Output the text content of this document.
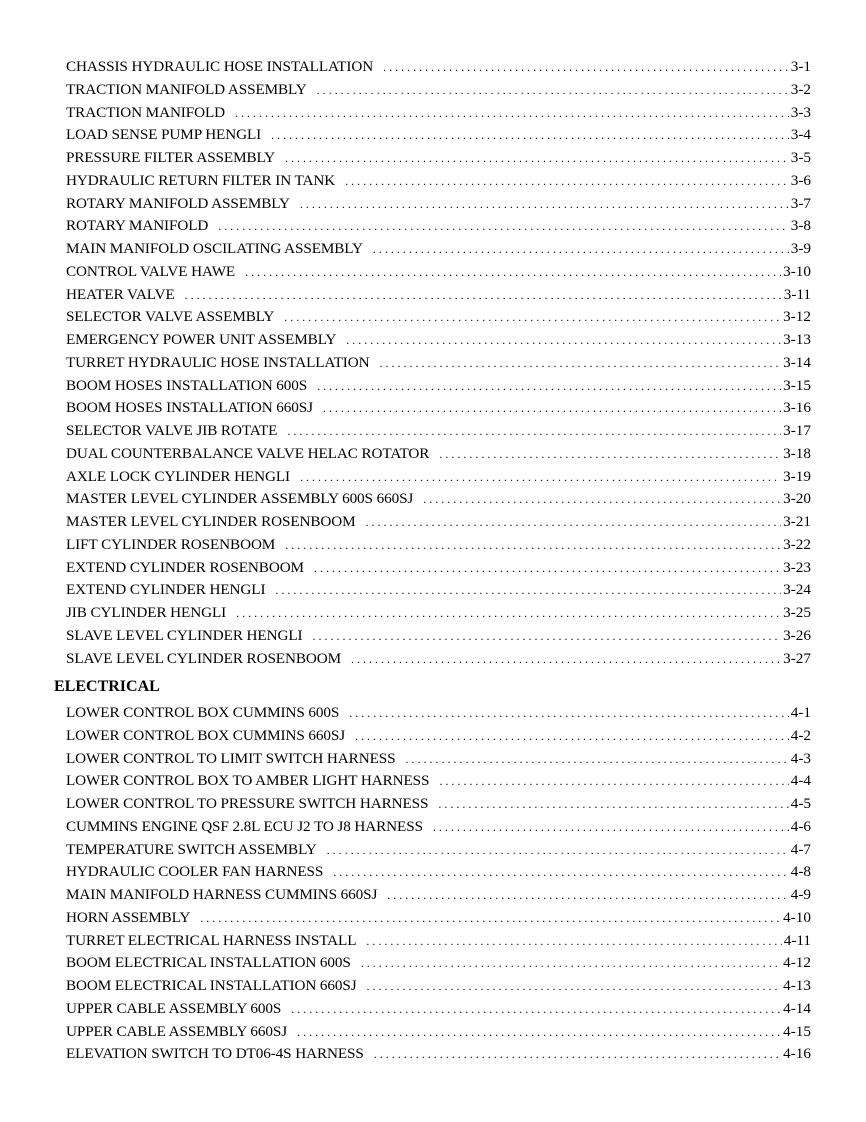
CHASSIS HYDRAULIC HOSE INSTALLATION . . .	3-1
TRACTION MANIFOLD ASSEMBLY . . .	3-2
TRACTION MANIFOLD . . .	3-3
LOAD SENSE PUMP HENGLI . . .	3-4
PRESSURE FILTER ASSEMBLY . . .	3-5
HYDRAULIC RETURN FILTER IN TANK . . .	3-6
ROTARY MANIFOLD ASSEMBLY . . .	3-7
ROTARY MANIFOLD . . .	3-8
MAIN MANIFOLD OSCILATING ASSEMBLY . . .	3-9
CONTROL VALVE HAWE . . .	3-10
HEATER VALVE . . .	3-11
SELECTOR VALVE ASSEMBLY . . .	3-12
EMERGENCY POWER UNIT ASSEMBLY . . .	3-13
TURRET HYDRAULIC HOSE INSTALLATION . . .	3-14
BOOM HOSES INSTALLATION 600S . . .	3-15
BOOM HOSES INSTALLATION 660SJ . . .	3-16
SELECTOR VALVE JIB ROTATE . . .	3-17
DUAL COUNTERBALANCE VALVE HELAC ROTATOR . . .	3-18
AXLE LOCK CYLINDER HENGLI . . .	3-19
MASTER LEVEL CYLINDER ASSEMBLY 600S 660SJ . . .	3-20
MASTER LEVEL CYLINDER ROSENBOOM . . .	3-21
LIFT CYLINDER ROSENBOOM . . .	3-22
EXTEND CYLINDER ROSENBOOM . . .	3-23
EXTEND CYLINDER HENGLI . . .	3-24
JIB CYLINDER HENGLI . . .	3-25
SLAVE LEVEL CYLINDER HENGLI . . .	3-26
SLAVE LEVEL CYLINDER ROSENBOOM . . .	3-27
ELECTRICAL
LOWER CONTROL BOX CUMMINS 600S . . .	4-1
LOWER CONTROL BOX CUMMINS 660SJ . . .	4-2
LOWER CONTROL TO LIMIT SWITCH HARNESS . . .	4-3
LOWER CONTROL BOX TO AMBER LIGHT HARNESS . . .	4-4
LOWER CONTROL TO PRESSURE SWITCH HARNESS . . .	4-5
CUMMINS ENGINE QSF 2.8L ECU J2 TO J8 HARNESS . . .	4-6
TEMPERATURE SWITCH ASSEMBLY . . .	4-7
HYDRAULIC COOLER FAN HARNESS . . .	4-8
MAIN MANIFOLD HARNESS CUMMINS 660SJ . . .	4-9
HORN ASSEMBLY . . .	4-10
TURRET ELECTRICAL HARNESS INSTALL . . .	4-11
BOOM ELECTRICAL INSTALLATION 600S . . .	4-12
BOOM ELECTRICAL INSTALLATION 660SJ . . .	4-13
UPPER CABLE ASSEMBLY 600S . . .	4-14
UPPER CABLE ASSEMBLY 660SJ . . .	4-15
ELEVATION SWITCH TO DT06-4S HARNESS . . .	4-16
